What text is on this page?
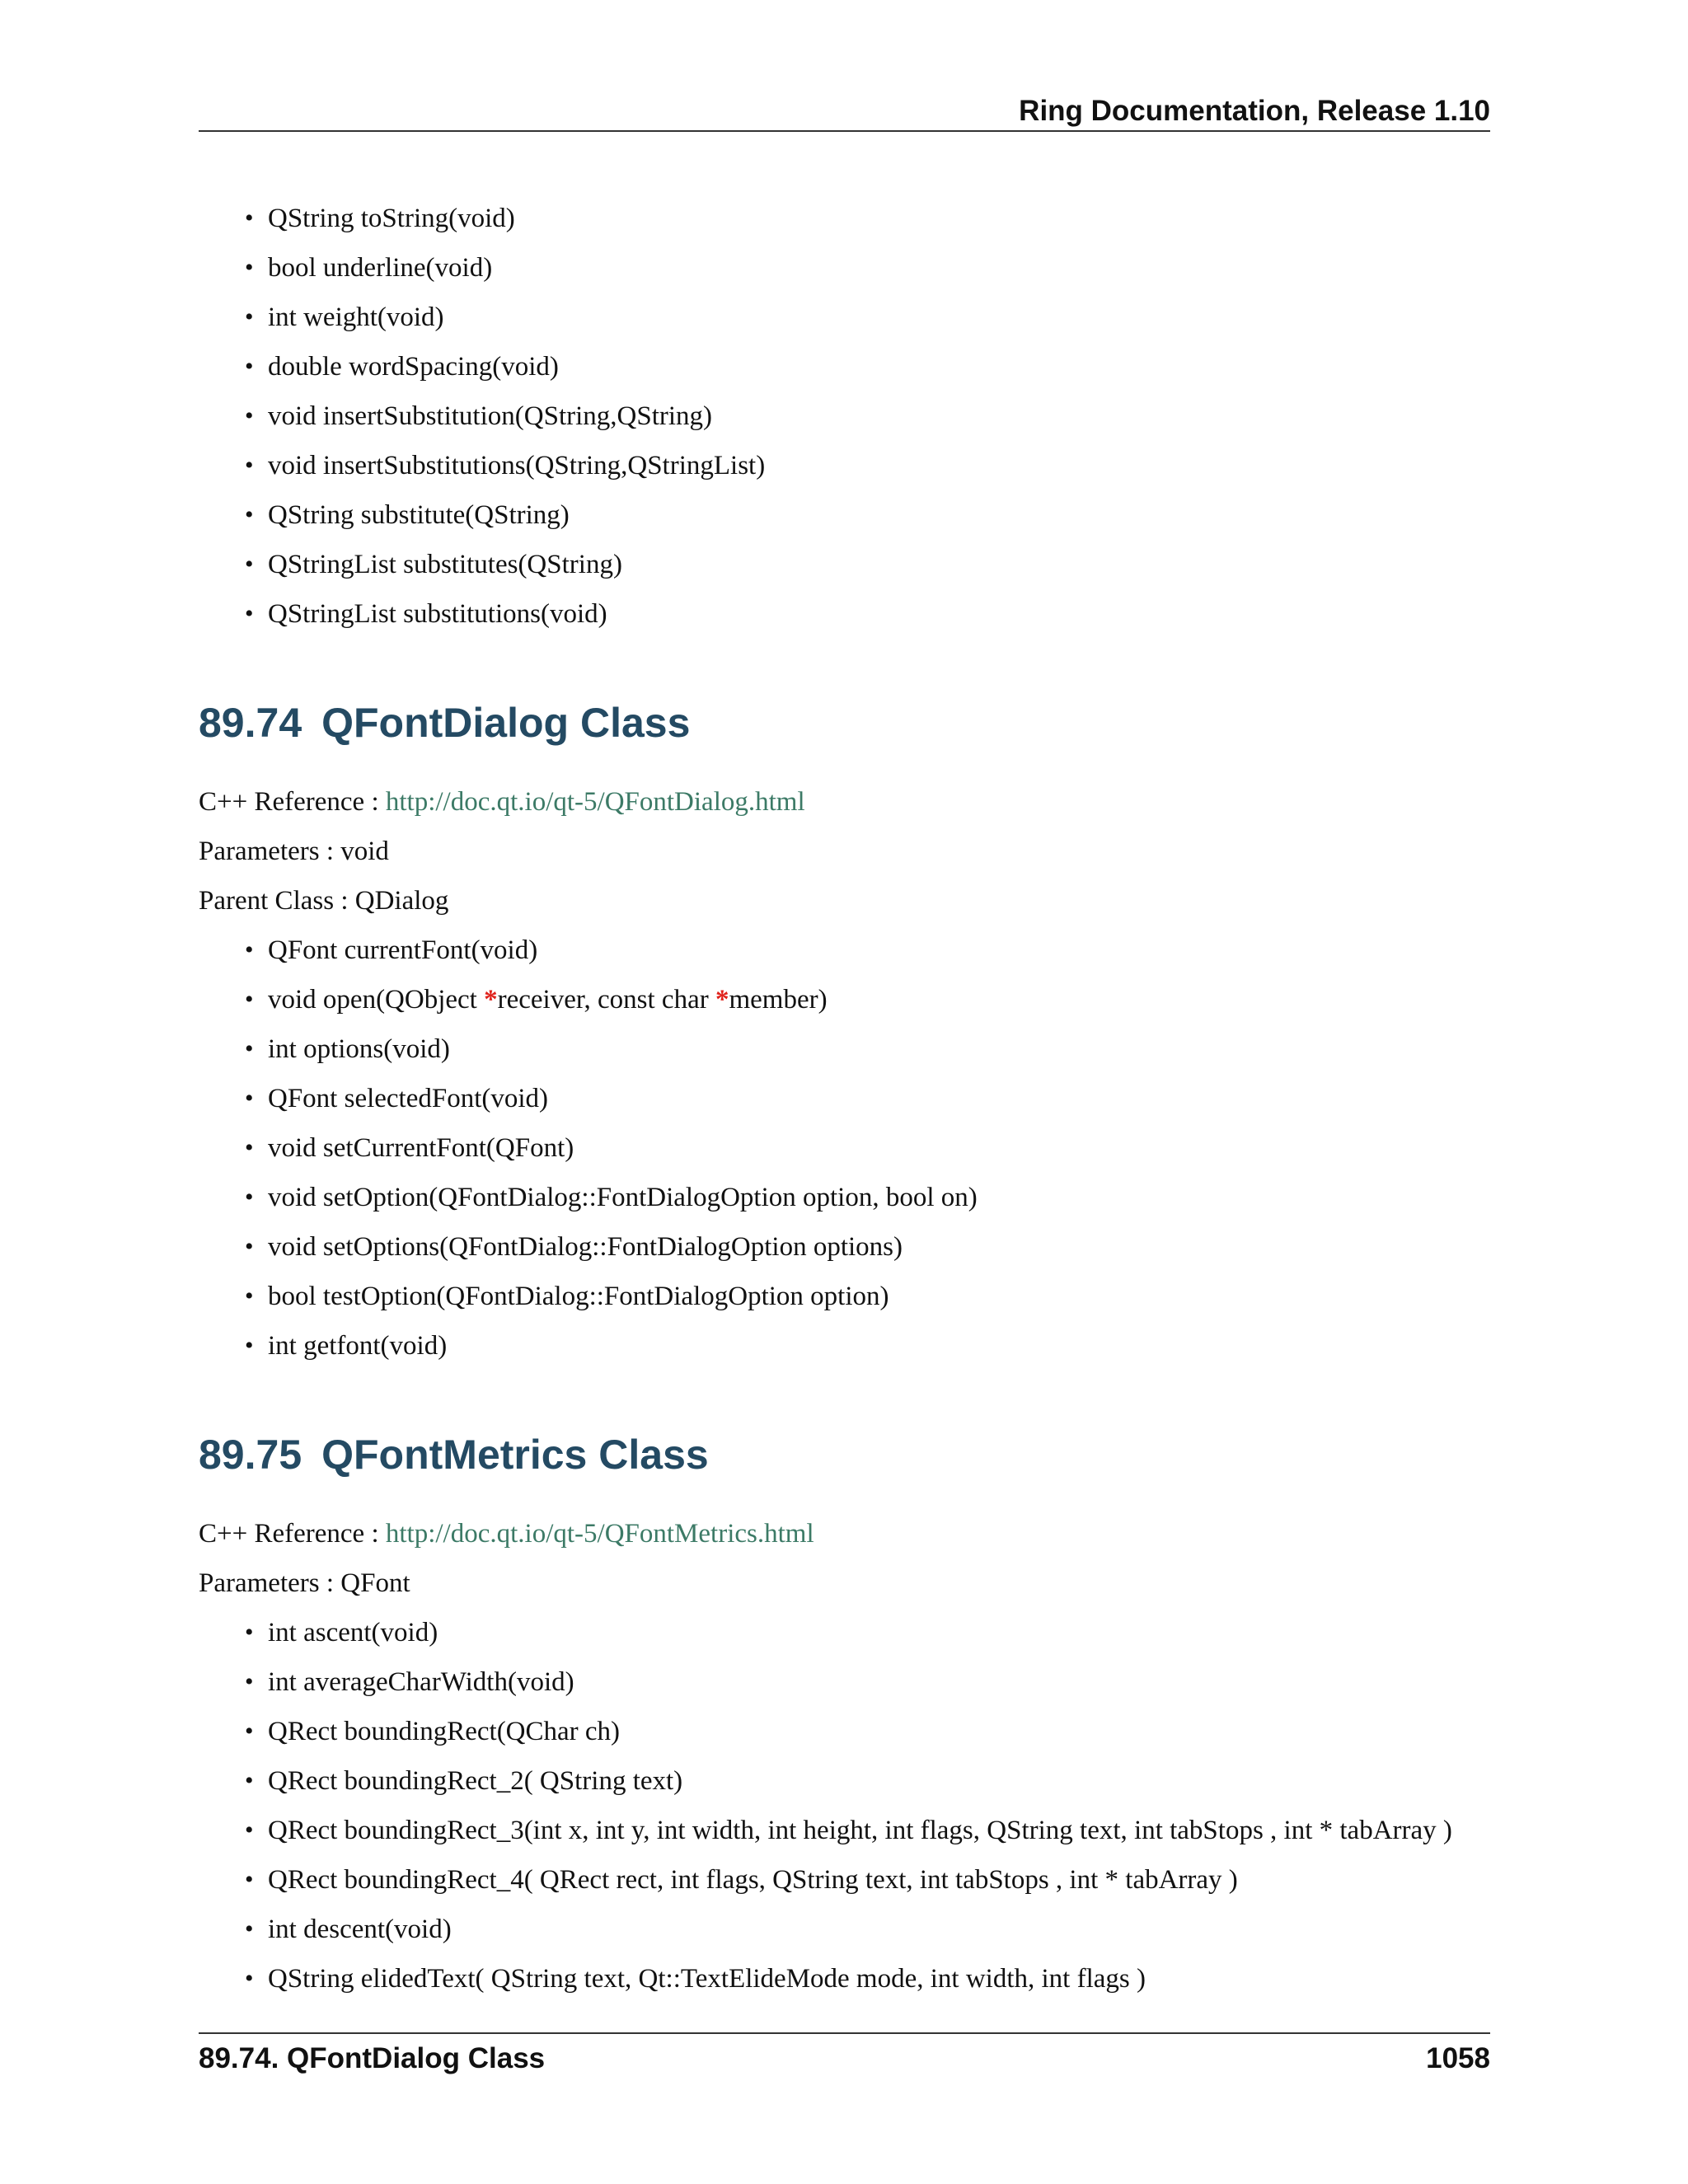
Ring Documentation, Release 1.10
• QString toString(void)
• bool underline(void)
• int weight(void)
• double wordSpacing(void)
• void insertSubstitution(QString,QString)
• void insertSubstitutions(QString,QStringList)
• QString substitute(QString)
• QStringList substitutes(QString)
• QStringList substitutions(void)
89.74 QFontDialog Class
C++ Reference : http://doc.qt.io/qt-5/QFontDialog.html
Parameters : void
Parent Class : QDialog
• QFont currentFont(void)
• void open(QObject *receiver, const char *member)
• int options(void)
• QFont selectedFont(void)
• void setCurrentFont(QFont)
• void setOption(QFontDialog::FontDialogOption option, bool on)
• void setOptions(QFontDialog::FontDialogOption options)
• bool testOption(QFontDialog::FontDialogOption option)
• int getfont(void)
89.75 QFontMetrics Class
C++ Reference : http://doc.qt.io/qt-5/QFontMetrics.html
Parameters : QFont
• int ascent(void)
• int averageCharWidth(void)
• QRect boundingRect(QChar ch)
• QRect boundingRect_2( QString text)
• QRect boundingRect_3(int x, int y, int width, int height, int flags, QString text, int tabStops , int * tabArray )
• QRect boundingRect_4( QRect rect, int flags, QString text, int tabStops , int * tabArray )
• int descent(void)
• QString elidedText( QString text, Qt::TextElideMode mode, int width, int flags )
89.74. QFontDialog Class	1058
